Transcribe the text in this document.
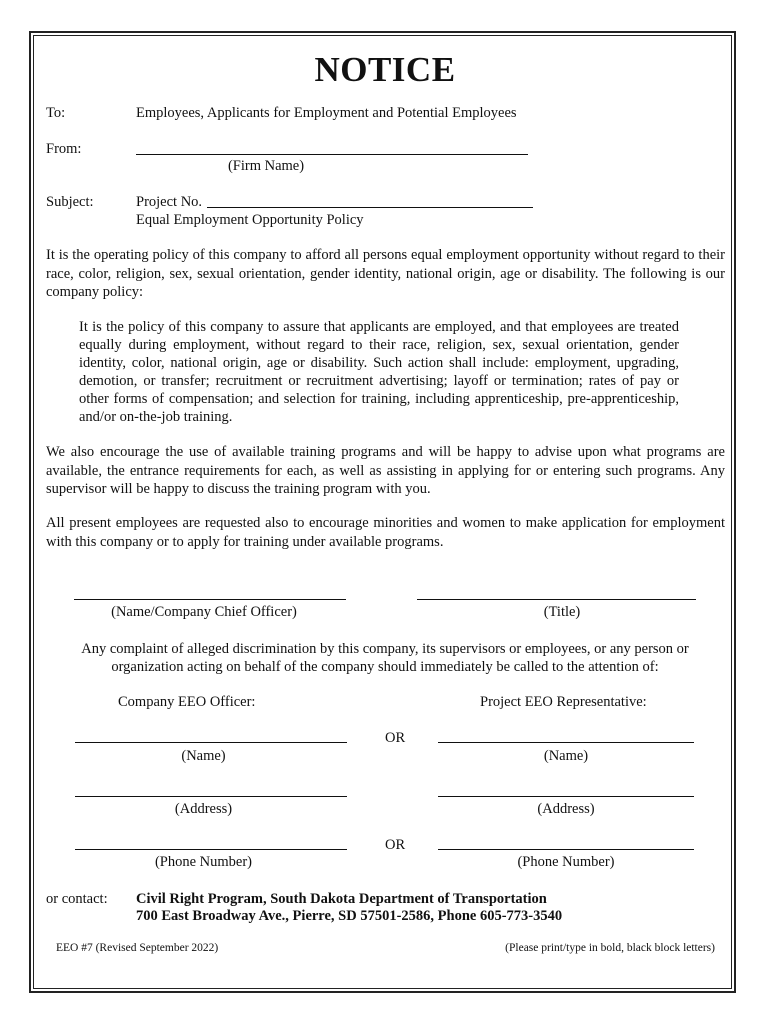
NOTICE
To:	Employees, Applicants for Employment and Potential Employees
From:
(Firm Name)
Subject:	Project No.
Equal Employment Opportunity Policy
It is the operating policy of this company to afford all persons equal employment opportunity without regard to their race, color, religion, sex, sexual orientation, gender identity, national origin, age or disability. The following is our company policy:
It is the policy of this company to assure that applicants are employed, and that employees are treated equally during employment, without regard to their race, religion, sex, sexual orientation, gender identity, color, national origin, age or disability. Such action shall include: employment, upgrading, demotion, or transfer; recruitment or recruitment advertising; layoff or termination; rates of pay or other forms of compensation; and selection for training, including apprenticeship, pre-apprenticeship, and/or on-the-job training.
We also encourage the use of available training programs and will be happy to advise upon what programs are available, the entrance requirements for each, as well as assisting in applying for or entering such programs. Any supervisor will be happy to discuss the training program with you.
All present employees are requested also to encourage minorities and women to make application for employment with this company or to apply for training under available programs.
(Name/Company Chief Officer)	(Title)
Any complaint of alleged discrimination by this company, its supervisors or employees, or any person or
organization acting on behalf of the company should immediately be called to the attention of:
Company EEO Officer:	Project EEO Representative:
OR
(Name)	(Name)
(Address)	(Address)
OR
(Phone Number)	(Phone Number)
or contact: Civil Right Program, South Dakota Department of Transportation
700 East Broadway Ave., Pierre, SD 57501-2586, Phone 605-773-3540
EEO #7 (Revised September 2022)	(Please print/type in bold, black block letters)
